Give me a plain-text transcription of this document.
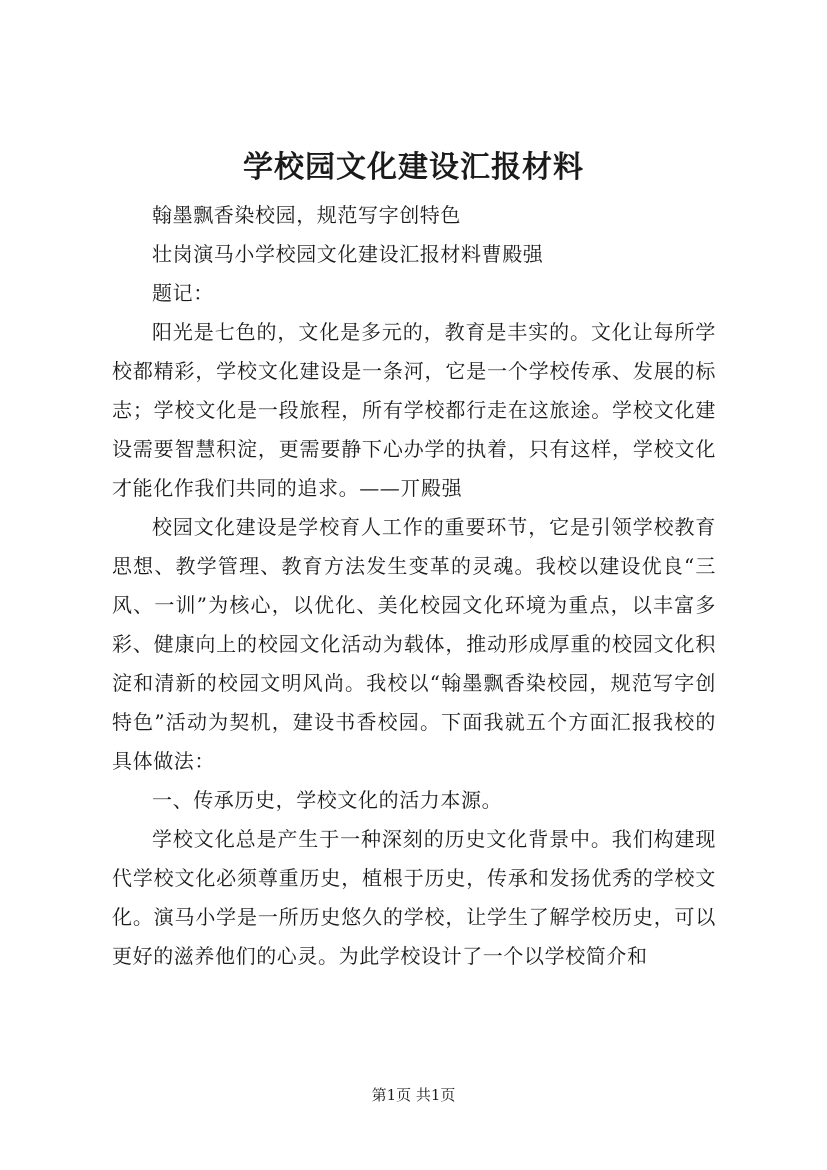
学校园文化建设汇报材料

翰墨飘香染校园，规范写字创特色

壮岗演马小学校园文化建设汇报材料曹殿强

题记：

阳光是七色的，文化是多元的，教育是丰实的。文化让每所学校都精彩，学校文化建设是一条河，它是一个学校传承、发展的标志；学校文化是一段旅程，所有学校都行走在这旅途。学校文化建设需要智慧积淀，更需要静下心办学的执着，只有这样，学校文化才能化作我们共同的追求。——丌殿强

校园文化建设是学校育人工作的重要环节，它是引领学校教育思想、教学管理、教育方法发生变革的灵魂。我校以建设优良“三风、一训”为核心，以优化、美化校园文化环境为重点，以丰富多彩、健康向上的校园文化活动为载体，推动形成厚重的校园文化积淀和清新的校园文明风尚。我校以“翰墨飘香染校园，规范写字创特色”活动为契机，建设书香校园。下面我就五个方面汇报我校的具体做法：

一、传承历史，学校文化的活力本源。

学校文化总是产生于一种深刻的历史文化背景中。我们构建现代学校文化必须尊重历史，植根于历史，传承和发扬优秀的学校文化。演马小学是一所历史悠久的学校，让学生了解学校历史，可以更好的滋养他们的心灵。为此学校设计了一个以学校简介和

第1页 共1页
